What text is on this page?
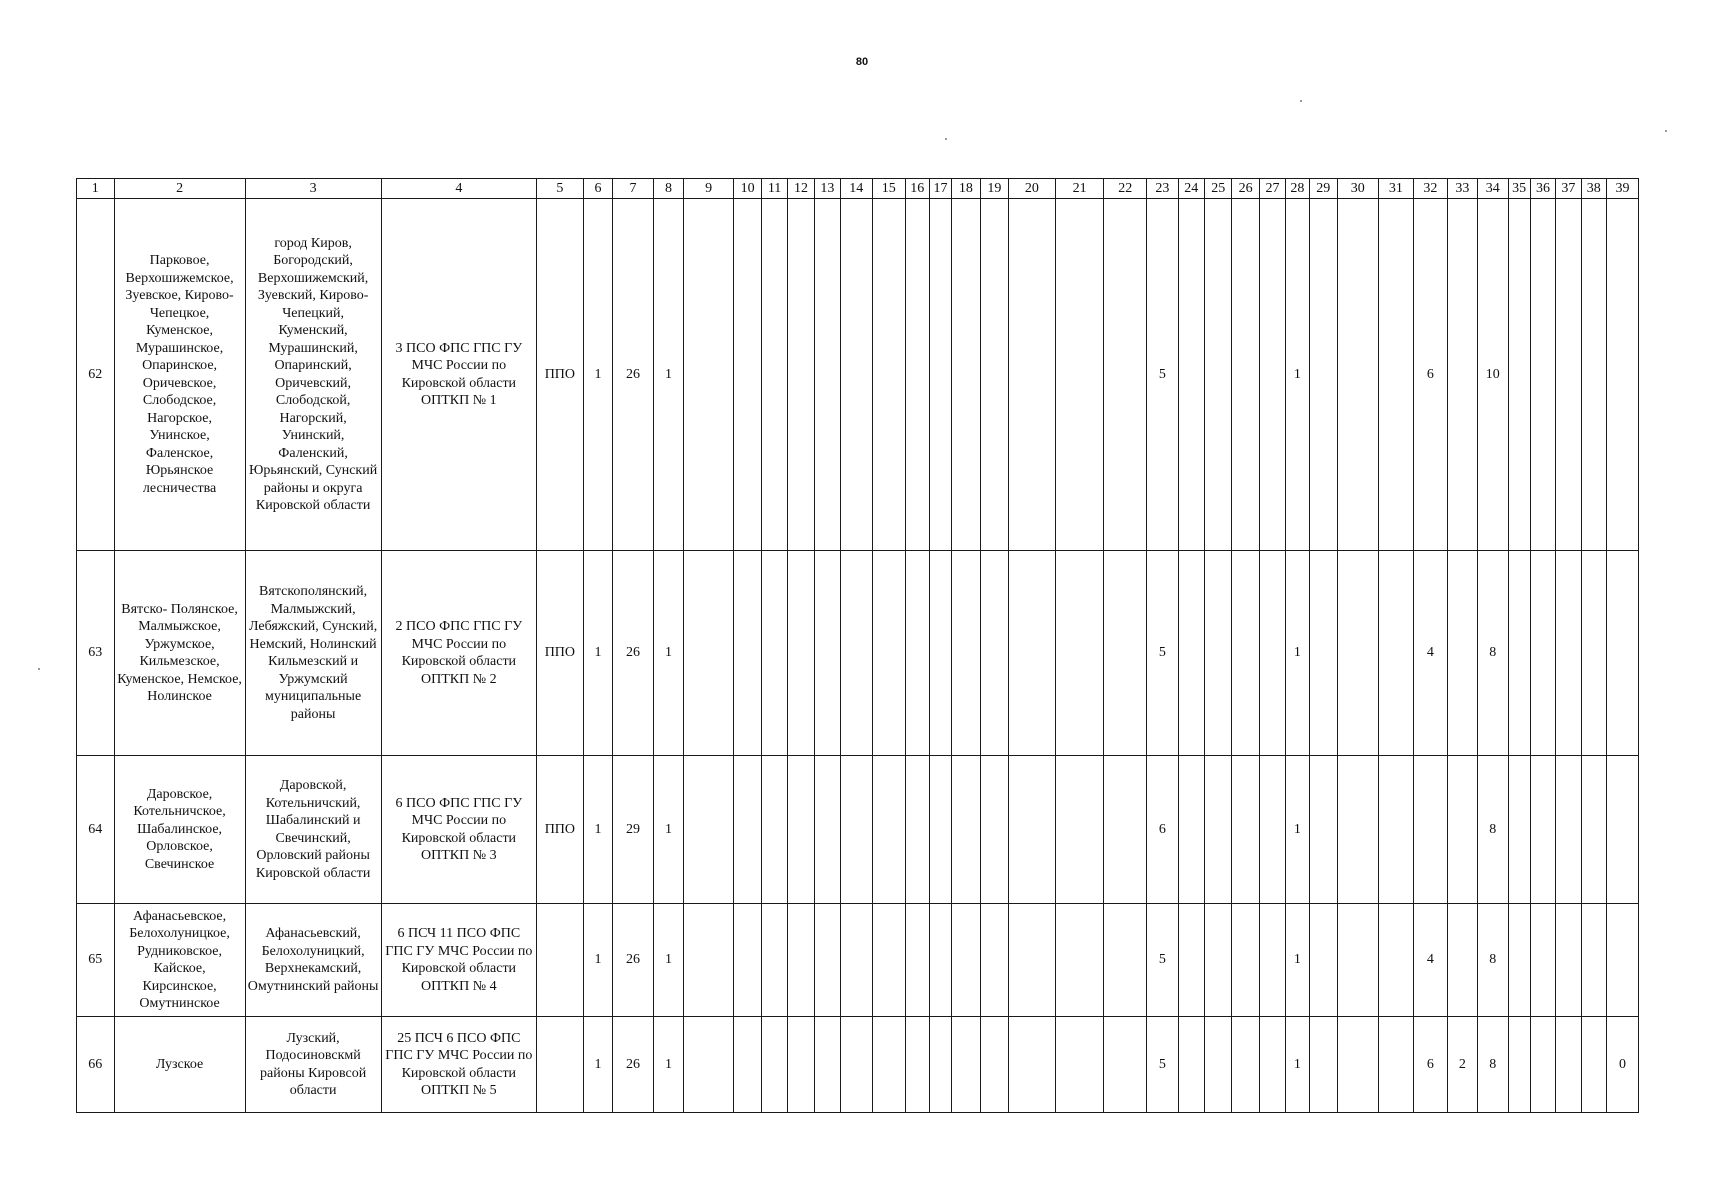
80
1	2	3	4	5	6	7	8	9	10	11	12	13	14	15	16	17	18	19	20	21	22	23	24	25	26	27	28	29	30	31	32	33	34	35	36	37	38	39
62	Парковое, Верхошижемское, Зуевское, Кирово-Чепецкое, Куменское, Мурашинское, Опаринское, Оричевское, Слободское, Нагорское, Унинское, Фаленское, Юрьянское лесничества	город Киров, Богородский, Верхошижемский, Зуевский, Кирово-Чепецкий, Куменский, Мурашинский, Опаринский, Оричевский, Слободской, Нагорский, Унинский, Фаленский, Юрьянский, Сунский районы и округа Кировской области	3 ПСО ФПС ГПС ГУ МЧС России по Кировской области ОПТКП № 1	ППО	1	26	1															5					1				6		10					
63	Вятско- Полянское, Малмыжское, Уржумское, Кильмезское, Куменское, Немское, Нолинское	Вятскополянский, Малмыжский, Лебяжский, Сунский, Немский, Нолинский Кильмезский и Уржумский муниципальные районы	2 ПСО ФПС ГПС ГУ МЧС России по Кировской области ОПТКП № 2	ППО	1	26	1															5					1				4		8					
64	Даровское, Котельничское, Шабалинское, Орловское, Свечинское	Даровской, Котельничский, Шабалинский и Свечинский, Орловский районы Кировской области	6 ПСО ФПС ГПС ГУ МЧС России по Кировской области ОПТКП № 3	ППО	1	29	1															6					1						8					
65	Афанасьевское, Белохолуницкое, Рудниковское, Кайское, Кирсинское, Омутнинское	Афанасьевский, Белохолуницкий, Верхнекамский, Омутнинский районы	6 ПСЧ 11 ПСО ФПС ГПС ГУ МЧС России по Кировской области ОПТКП № 4		1	26	1															5					1				4		8					
66	Лузское	Лузский, Подосиновскмй районы Кировсой области	25 ПСЧ 6 ПСО ФПС ГПС ГУ МЧС России по Кировской области ОПТКП № 5		1	26	1															5					1				6	2	8					0
